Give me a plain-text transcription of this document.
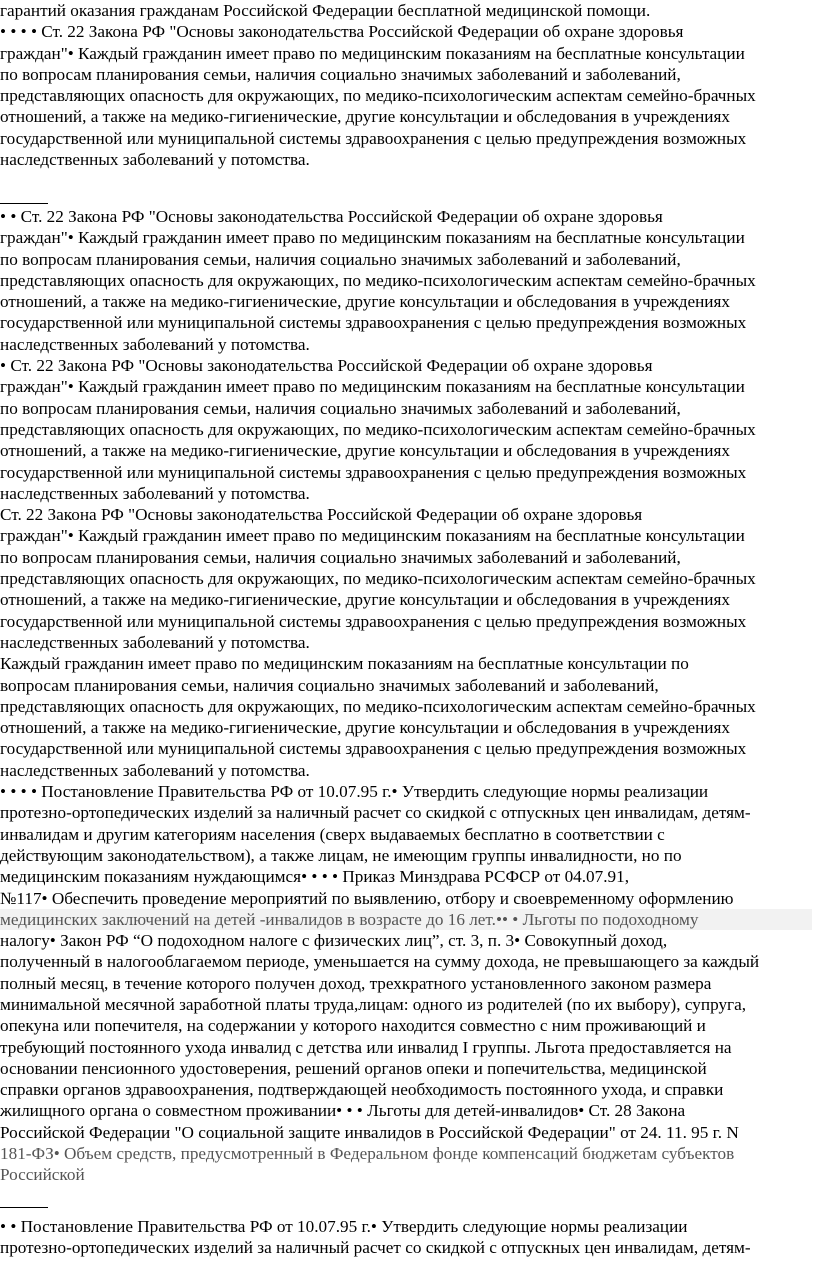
гарантий оказания гражданам Российской Федерации бесплатной медицинской помощи.
• • • • Ст. 22 Закона РФ "Основы законодательства Российской Федерации об охране здоровья
граждан"• Каждый гражданин имеет право по медицинским показаниям на бесплатные консультации
по вопросам планирования семьи, наличия социально значимых заболеваний и заболеваний,
представляющих опасность для окружающих, по медико-психологическим аспектам семейно-брачных
отношений, а также на медико-гигиенические, другие консультации и обследования в учреждениях
государственной или муниципальной системы здравоохранения с целью предупреждения возможных
наследственных заболеваний у потомства.
• • Ст. 22 Закона РФ "Основы законодательства Российской Федерации об охране здоровья
граждан"• Каждый гражданин имеет право по медицинским показаниям на бесплатные консультации
по вопросам планирования семьи, наличия социально значимых заболеваний и заболеваний,
представляющих опасность для окружающих, по медико-психологическим аспектам семейно-брачных
отношений, а также на медико-гигиенические, другие консультации и обследования в учреждениях
государственной или муниципальной системы здравоохранения с целью предупреждения возможных
наследственных заболеваний у потомства.
• Ст. 22 Закона РФ "Основы законодательства Российской Федерации об охране здоровья
граждан"• Каждый гражданин имеет право по медицинским показаниям на бесплатные консультации
по вопросам планирования семьи, наличия социально значимых заболеваний и заболеваний,
представляющих опасность для окружающих, по медико-психологическим аспектам семейно-брачных
отношений, а также на медико-гигиенические, другие консультации и обследования в учреждениях
государственной или муниципальной системы здравоохранения с целью предупреждения возможных
наследственных заболеваний у потомства.
Ст. 22 Закона РФ "Основы законодательства Российской Федерации об охране здоровья
граждан"• Каждый гражданин имеет право по медицинским показаниям на бесплатные консультации
по вопросам планирования семьи, наличия социально значимых заболеваний и заболеваний,
представляющих опасность для окружающих, по медико-психологическим аспектам семейно-брачных
отношений, а также на медико-гигиенические, другие консультации и обследования в учреждениях
государственной или муниципальной системы здравоохранения с целью предупреждения возможных
наследственных заболеваний у потомства.
Каждый гражданин имеет право по медицинским показаниям на бесплатные консультации по
вопросам планирования семьи, наличия социально значимых заболеваний и заболеваний,
представляющих опасность для окружающих, по медико-психологическим аспектам семейно-брачных
отношений, а также на медико-гигиенические, другие консультации и обследования в учреждениях
государственной или муниципальной системы здравоохранения с целью предупреждения возможных
наследственных заболеваний у потомства.
• • • • Постановление Правительства РФ от 10.07.95 г.• Утвердить следующие нормы реализации
протезно-ортопедических изделий за наличный расчет со скидкой с отпускных цен инвалидам, детям-
инвалидам и другим категориям населения (сверх выдаваемых бесплатно в соответствии с
действующим законодательством), а также лицам, не имеющим группы инвалидности, но по
медицинским показаниям нуждающимся• • • • Приказ Минздрава РСФСР от 04.07.91,
№117• Обеспечить проведение мероприятий по выявлению, отбору и своевременному оформлению
медицинских заключений на детей -инвалидов в возрасте до 16 лет.•• • Льготы по подоходному
налогу• Закон РФ “О подоходном налоге с физических лиц”, ст. 3, п. 3• Совокупный доход,
полученный в налогооблагаемом периоде, уменьшается на сумму дохода, не превышающего за каждый
полный месяц, в течение которого получен доход, трехкратного установленного законом размера
минимальной месячной заработной платы труда,лицам: одного из родителей (по их выбору), супруга,
опекуна или попечителя, на содержании у которого находится совместно с ним проживающий и
требующий постоянного ухода инвалид с детства или инвалид I группы. Льгота предоставляется на
основании пенсионного удостоверения, решений органов опеки и попечительства, медицинской
справки органов здравоохранения, подтверждающей необходимость постоянного ухода, и справки
жилищного органа о совместном проживании• • • Льготы для детей-инвалидов• Ст. 28 Закона
Российской Федерации "О социальной защите инвалидов в Российской Федерации" от 24. 11. 95 г. N
181-ФЗ• Объем средств, предусмотренный в Федеральном фонде компенсаций бюджетам субъектов
Российской
• • Постановление Правительства РФ от 10.07.95 г.• Утвердить следующие нормы реализации
протезно-ортопедических изделий за наличный расчет со скидкой с отпускных цен инвалидам, детям-
